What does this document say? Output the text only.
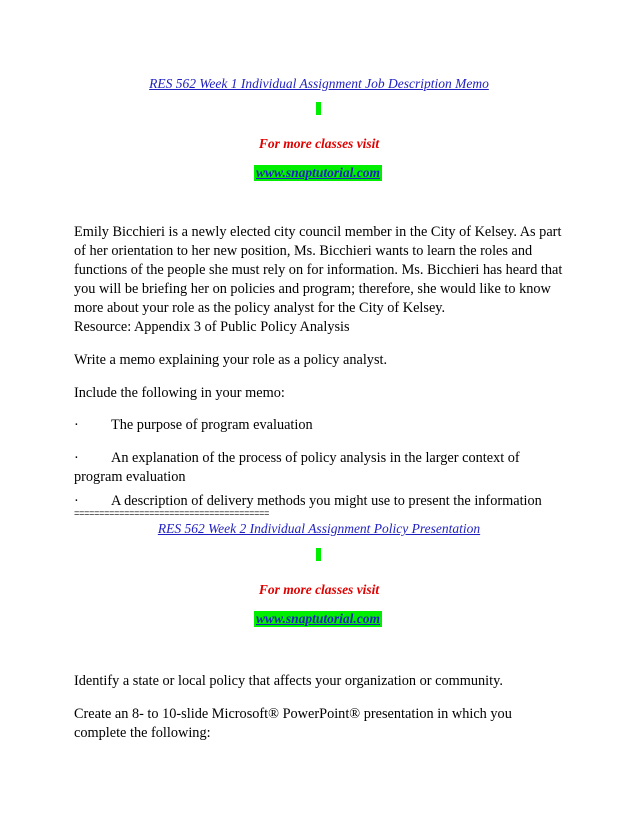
RES 562 Week 1 Individual Assignment Job Description Memo
For more classes visit
www.snaptutorial.com

Emily Bicchieri is a newly elected city council member in the City of Kelsey. As part of her orientation to her new position, Ms. Bicchieri wants to learn the roles and functions of the people she must rely on for information. Ms. Bicchieri has heard that you will be briefing her on policies and program; therefore, she would like to know more about your role as the policy analyst for the City of Kelsey.

Resource: Appendix 3 of Public Policy Analysis

Write a memo explaining your role as a policy analyst.

Include the following in your memo:

· The purpose of program evaluation

· An explanation of the process of policy analysis in the larger context of program evaluation

· A description of delivery methods you might use to present the information

=======================================
RES 562 Week 2 Individual Assignment Policy Presentation
For more classes visit
www.snaptutorial.com

Identify a state or local policy that affects your organization or community.

Create an 8- to 10-slide Microsoft® PowerPoint® presentation in which you complete the following:
